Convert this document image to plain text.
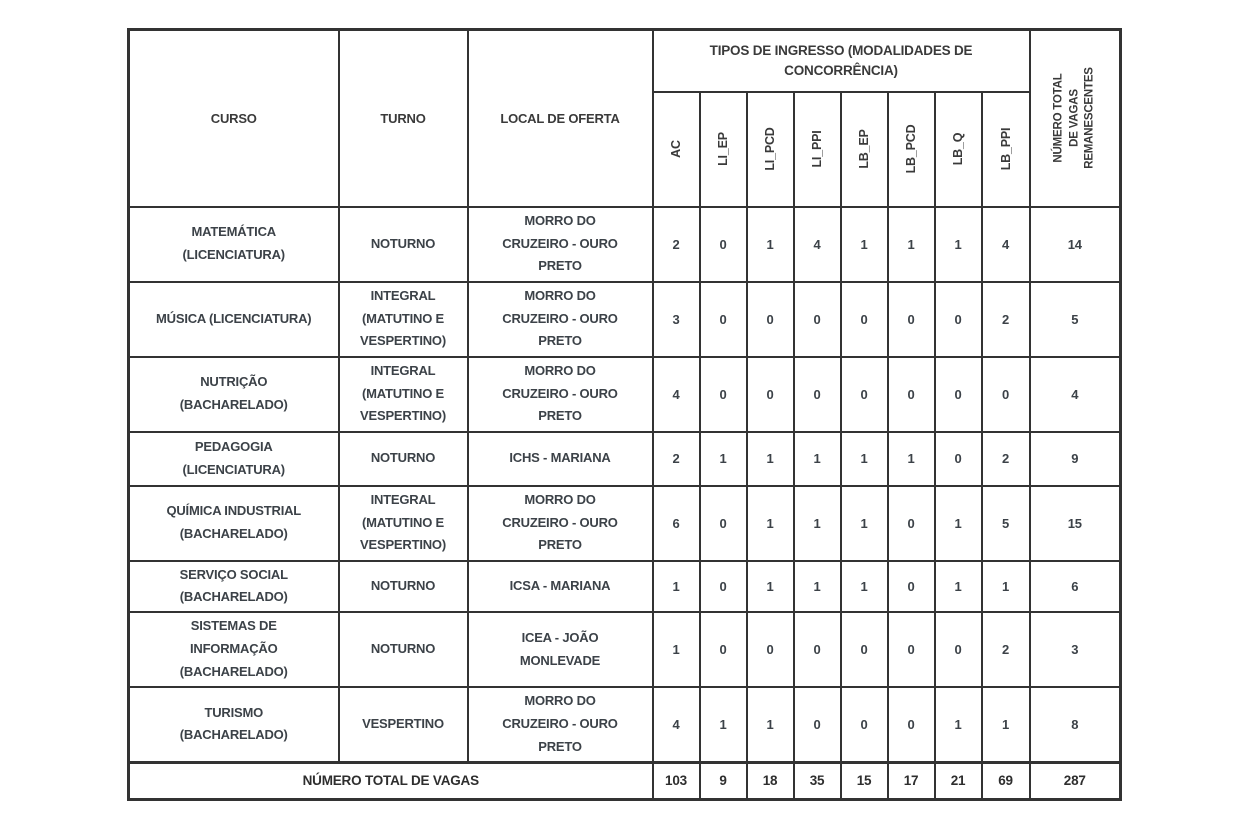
CURSO	TURNO	LOCAL DE OFERTA	TIPOS DE INGRESSO (MODALIDADES DE CONCORRÊNCIA)								NÚMERO TOTAL DE VAGAS REMANESCENTES

			AC	LI_EP	LI_PCD	LI_PPI	LB_EP	LB_PCD	LB_Q	LB_PPI	

MATEMÁTICA (LICENCIATURA)	NOTURNO	MORRO DO CRUZEIRO - OURO PRETO	2	0	1	4	1	1	1	4	14
MÚSICA (LICENCIATURA)	INTEGRAL (MATUTINO E VESPERTINO)	MORRO DO CRUZEIRO - OURO PRETO	3	0	0	0	0	0	0	2	5
NUTRIÇÃO (BACHARELADO)	INTEGRAL (MATUTINO E VESPERTINO)	MORRO DO CRUZEIRO - OURO PRETO	4	0	0	0	0	0	0	0	4
PEDAGOGIA (LICENCIATURA)	NOTURNO	ICHS - MARIANA	2	1	1	1	1	1	0	2	9
QUÍMICA INDUSTRIAL (BACHARELADO)	INTEGRAL (MATUTINO E VESPERTINO)	MORRO DO CRUZEIRO - OURO PRETO	6	0	1	1	1	0	1	5	15
SERVIÇO SOCIAL (BACHARELADO)	NOTURNO	ICSA - MARIANA	1	0	1	1	1	0	1	1	6
SISTEMAS DE INFORMAÇÃO (BACHARELADO)	NOTURNO	ICEA - JOÃO MONLEVADE	1	0	0	0	0	0	0	2	3
TURISMO (BACHARELADO)	VESPERTINO	MORRO DO CRUZEIRO - OURO PRETO	4	1	1	0	0	0	1	1	8
NÚMERO TOTAL DE VAGAS			103	9	18	35	15	17	21	69	287
